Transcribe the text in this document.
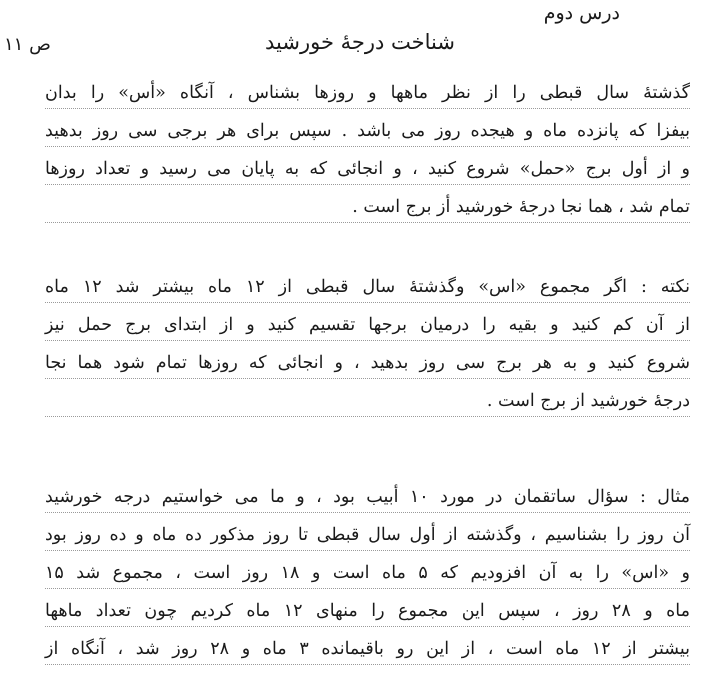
درس دوم
ص ۱۱	شناخت درجهٔ خورشید
گذشتهٔ سال قبطی را از نظر ماهها و روزها بشناس ، آنگاه «أس» را بدان
بیفزا که پانزده ماه و هیجده روز می باشد . سپس برای هر برجی سی روز بدهید
و از أول برج «حمل» شروع کنید ، و انجائی که به پایان می رسید و تعداد روزها
تمام شد ، هما نجا درجهٔ خورشید أز برج است .
نکته : اگر مجموع «اس» وگذشتهٔ سال قبطی از ۱۲ ماه بیشتر شد ۱۲ ماه
از آن کم کنید و بقیه را درمیان برجها تقسیم کنید و از ابتدای برج حمل نیز
شروع کنید و به هر برج سی روز بدهید ، و انجائی که روزها تمام شود هما نجا
درجهٔ خورشید از برج است .
مثال : سؤال ساتقمان در مورد ۱۰ أبیب بود ، و ما می خواستیم درجه خورشید
آن روز را بشناسیم ، وگذشته از أول سال قبطی تا روز مذکور ده ماه و ده روز بود
و «اس» را به آن افزودیم که ۵ ماه است و ۱۸ روز است ، مجموع شد ۱۵
ماه و ۲۸ روز ، سپس این مجموع را منهای ۱۲ ماه کردیم چون تعداد ماهها
بیشتر از ۱۲ ماه است ، از این رو باقیمانده ۳ ماه و ۲۸ روز شد ، آنگاه از
